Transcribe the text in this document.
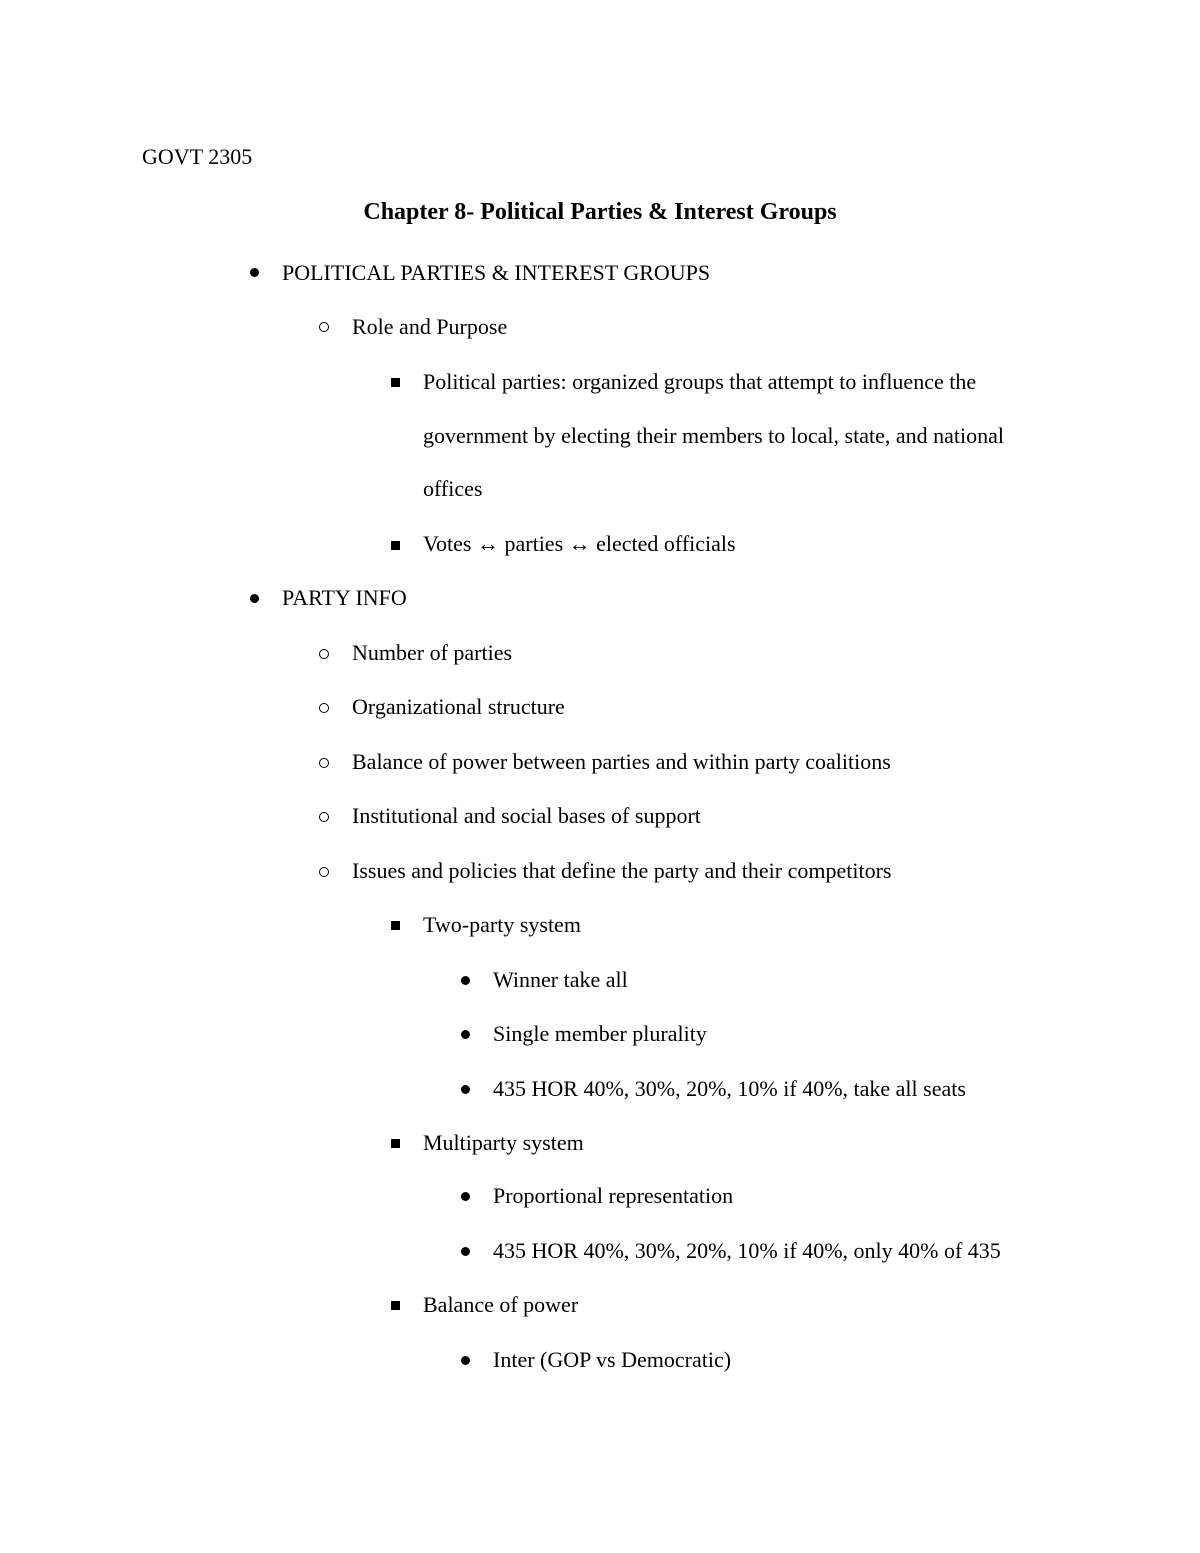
GOVT 2305
Chapter 8- Political Parties & Interest Groups
POLITICAL PARTIES & INTEREST GROUPS
Role and Purpose
Political parties: organized groups that attempt to influence the
government by electing their members to local, state, and national
offices
Votes ↔ parties ↔ elected officials
PARTY INFO
Number of parties
Organizational structure
Balance of power between parties and within party coalitions
Institutional and social bases of support
Issues and policies that define the party and their competitors
Two-party system
Winner take all
Single member plurality
435 HOR 40%, 30%, 20%, 10% if 40%, take all seats
Multiparty system
Proportional representation
435 HOR 40%, 30%, 20%, 10% if 40%, only 40% of 435
Balance of power
Inter (GOP vs Democratic)
